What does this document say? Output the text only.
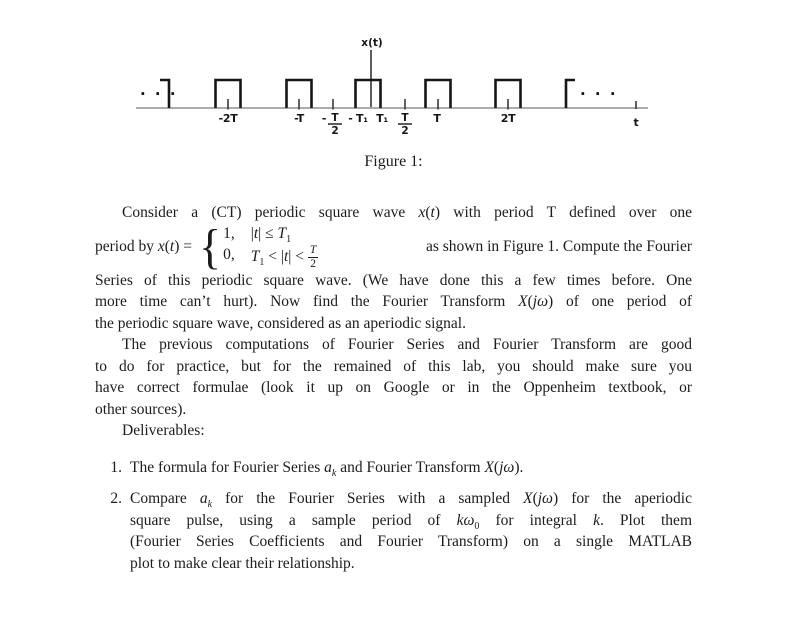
x(t)
· · ·	· · ·
-2T	-T - T
2
- T₁ T₁ T
2
T	2T	t
Figure 1:
Consider a (CT) periodic square wave x(t) with period T defined over one
period by x(t) = { 1, $|t| \le T_1$
0, $T_1 < |t| < \frac{T}{2}$	as shown in Figure 1. Compute the Fourier
Series of this periodic square wave. (We have done this a few times before. One
more time can’t hurt). Now find the Fourier Transform X(jω) of one period of
the periodic square wave, considered as an aperiodic signal.
The previous computations of Fourier Series and Fourier Transform are good
to do for practice, but for the remained of this lab, you should make sure you
have correct formulae (look it up on Google or in the Oppenheim textbook, or
other sources).
Deliverables:
1. The formula for Fourier Series $a_k$ and Fourier Transform X(jω).
2. Compare $a_k$ for the Fourier Series with a sampled X(jω) for the aperiodic
square pulse, using a sample period of $k\omega_0$ for integral k. Plot them
(Fourier Series Coefficients and Fourier Transform) on a single MATLAB
plot to make clear their relationship.
